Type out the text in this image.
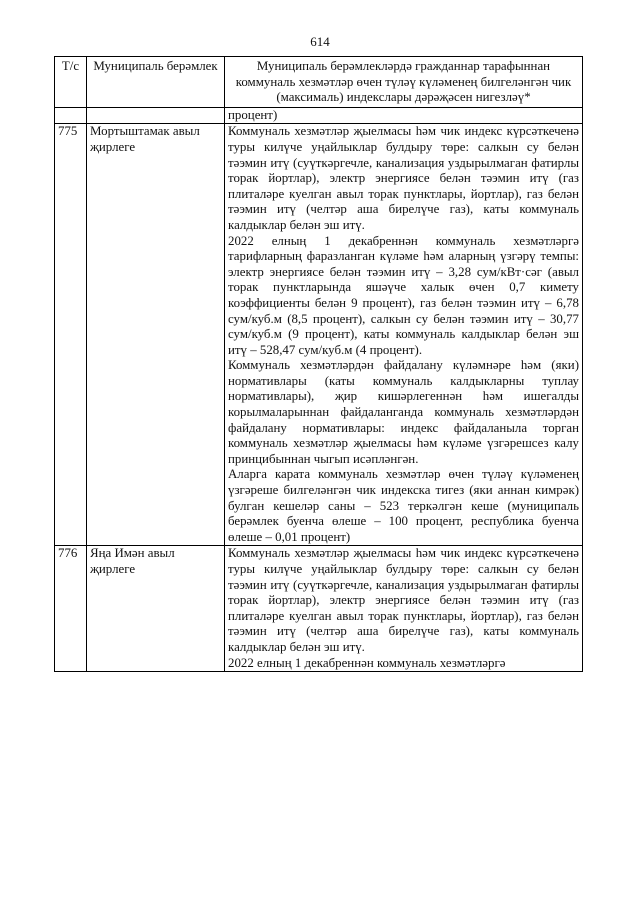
614
Т/с	Муниципаль берәмлек	Муниципаль берәмлекләрдә гражданнар тарафыннан коммуналь хезмәтләр өчен түләү күләменең билгеләнгән чик (максималь) индекслары дәрәҗәсен нигезләү*
		процент)
775	Мортыштамак авыл җирлеге	Коммуналь хезмәтләр җыелмасы һәм чик индекс күрсәткеченә туры килүче уңайлыклар булдыру төре: салкын су белән тәэмин итү (суүткәргечле, канализация уздырылмаган фатирлы торак йортлар), электр энергиясе белән тәэмин итү (газ плиталәре куелган авыл торак пунктлары, йортлар), газ белән тәэмин итү (челтәр аша бирелүче газ), каты коммуналь калдыклар белән эш итү.
2022 елның 1 декабреннән коммуналь хезмәтләргә тарифларның фаразланган күләме һәм аларның үзгәрү темпы: электр энергиясе белән тәэмин итү – 3,28 сум/кВт·сәг (авыл торак пунктларында яшәүче халык өчен 0,7 кимету коэффициенты белән 9 процент), газ белән тәэмин итү – 6,78 сум/куб.м (8,5 процент), салкын су белән тәэмин итү – 30,77 сум/куб.м (9 процент), каты коммуналь калдыклар белән эш итү – 528,47 сум/куб.м (4 процент).
Коммуналь хезмәтләрдән файдалану күләмнәре һәм (яки) нормативлары (каты коммуналь калдыкларны туплау нормативлары), җир кишәрлегеннән һәм ишегалды корылмаларыннан файдаланганда коммуналь хезмәтләрдән файдалану нормативлары: индекс файдаланыла торган коммуналь хезмәтләр җыелмасы һәм күләме үзгәрешсез калу принцибыннан чыгып исәпләнгән.
Аларга карата коммуналь хезмәтләр өчен түләү күләменең үзгәреше билгеләнгән чик индекска тигез (яки аннан кимрәк) булган кешеләр саны – 523 теркәлгән кеше (муниципаль берәмлек буенча өлеше – 100 процент, республика буенча өлеше – 0,01 процент)

776	Яңа Имән авыл җирлеге	Коммуналь хезмәтләр җыелмасы һәм чик индекс күрсәткеченә туры килүче уңайлыклар булдыру төре: салкын су белән тәэмин итү (суүткәргечле, канализация уздырылмаган фатирлы торак йортлар), электр энергиясе белән тәэмин итү (газ плиталәре куелган авыл торак пунктлары, йортлар), газ белән тәэмин итү (челтәр аша бирелүче газ), каты коммуналь калдыклар белән эш итү.
2022 елның 1 декабреннән коммуналь хезмәтләргә
